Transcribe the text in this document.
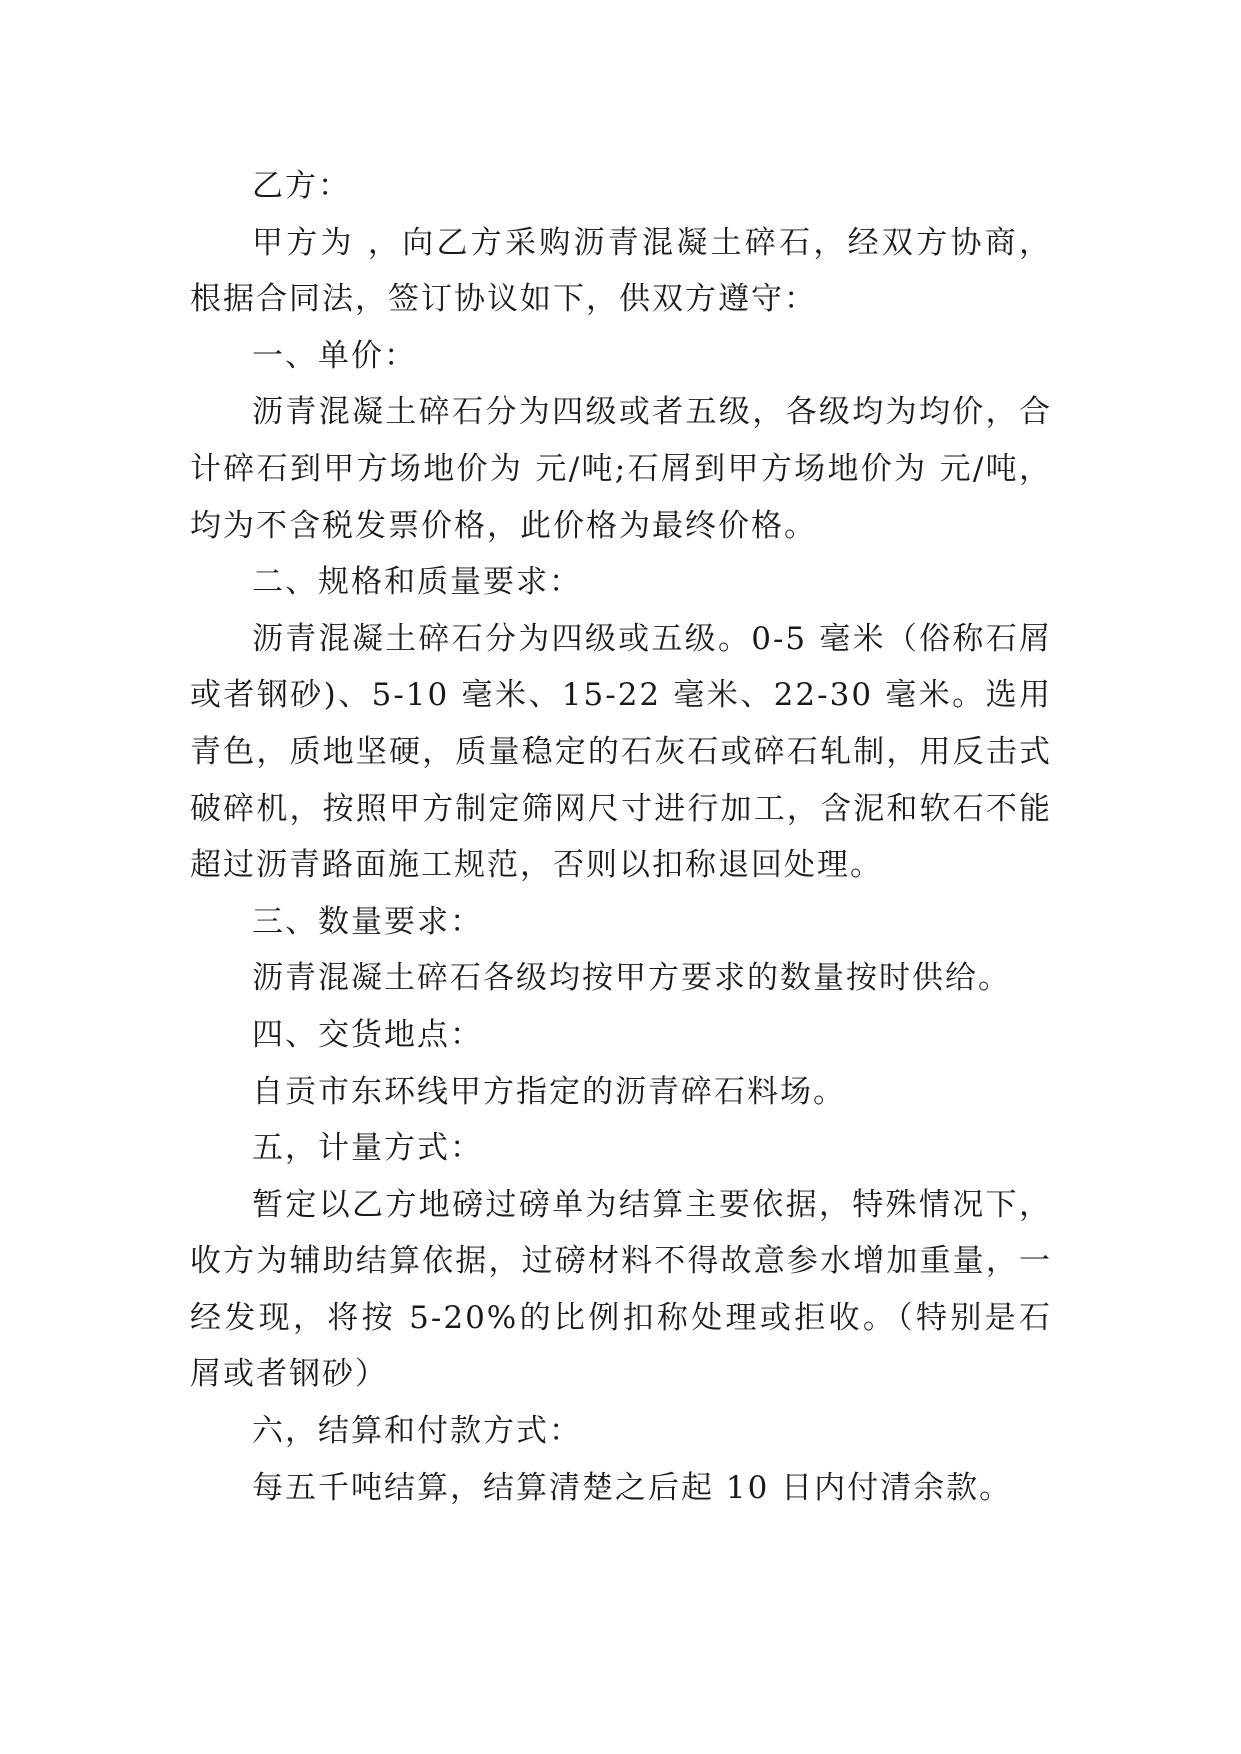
乙方：

甲方为 ，向乙方采购沥青混凝土碎石，经双方协商，根据合同法，签订协议如下，供双方遵守：

一、单价：

沥青混凝土碎石分为四级或者五级，各级均为均价，合计碎石到甲方场地价为 元/吨;石屑到甲方场地价为 元/吨，均为不含税发票价格，此价格为最终价格。

二、规格和质量要求：

沥青混凝土碎石分为四级或五级。0-5 毫米（俗称石屑或者钢砂)、5-10 毫米、15-22 毫米、22-30 毫米。选用青色，质地坚硬，质量稳定的石灰石或碎石轧制，用反击式破碎机，按照甲方制定筛网尺寸进行加工，含泥和软石不能超过沥青路面施工规范，否则以扣称退回处理。

三、数量要求：

沥青混凝土碎石各级均按甲方要求的数量按时供给。

四、交货地点：

自贡市东环线甲方指定的沥青碎石料场。

五，计量方式：

暂定以乙方地磅过磅单为结算主要依据，特殊情况下，收方为辅助结算依据，过磅材料不得故意参水增加重量，一经发现，将按 5-20%的比例扣称处理或拒收。（特别是石屑或者钢砂）

六，结算和付款方式：

每五千吨结算，结算清楚之后起 10 日内付清余款。
